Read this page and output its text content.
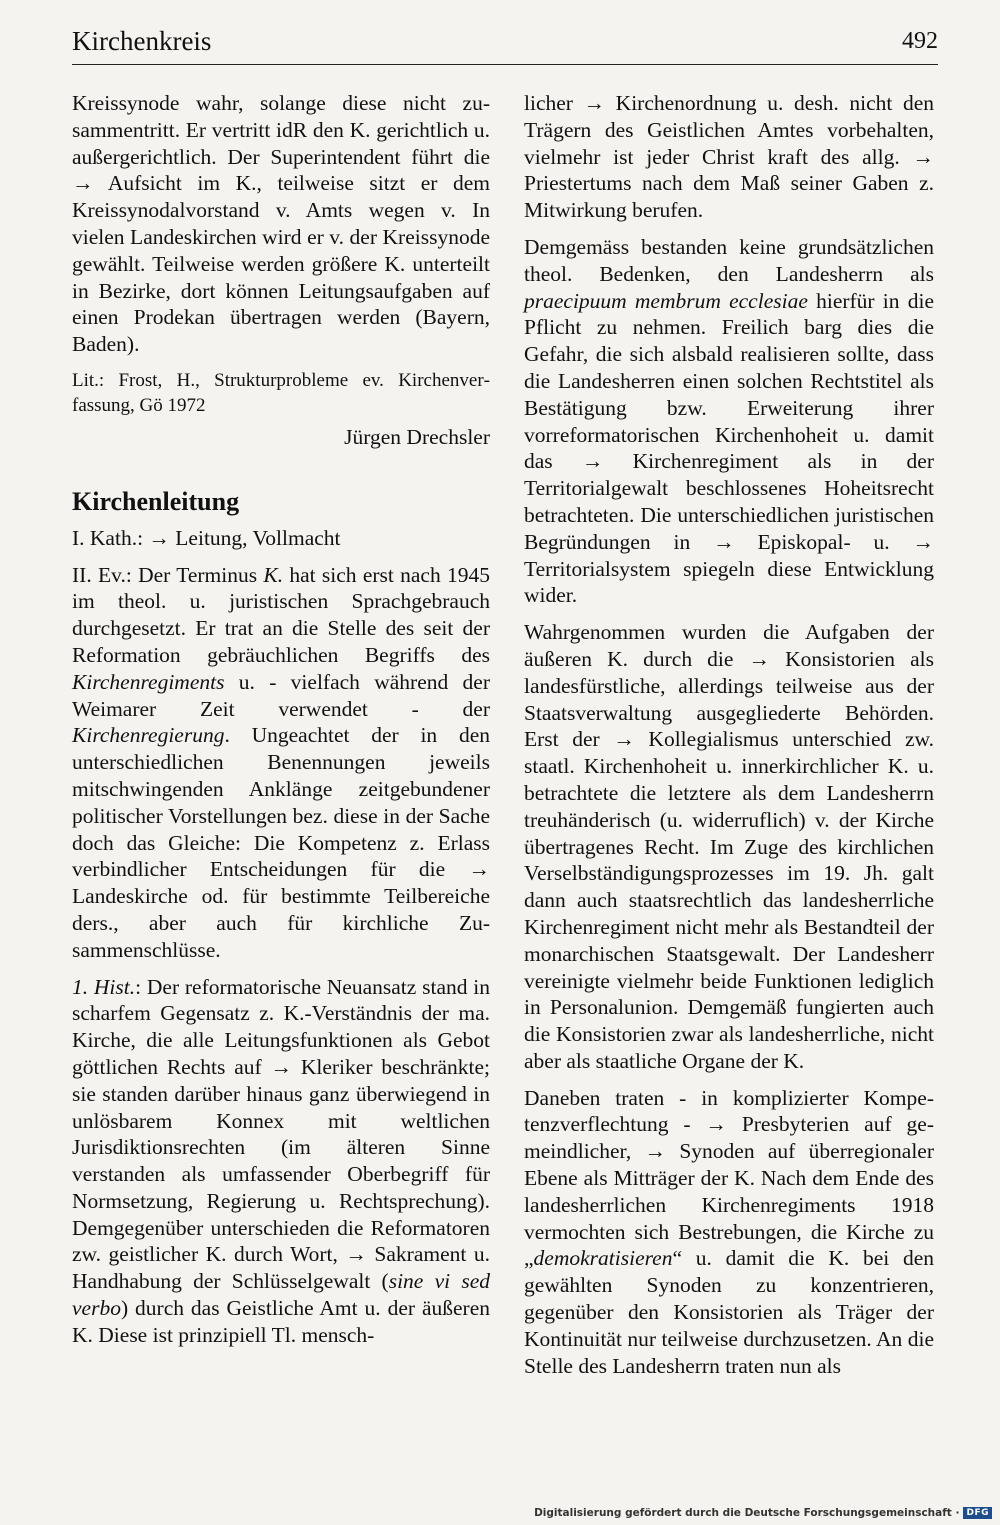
Kirchenkreis	492

Kreissynode wahr, solange diese nicht zusammentritt. Er vertritt idR den K. gerichtlich u. außergerichtlich. Der Superintendent führt die → Aufsicht im K., teilweise sitzt er dem Kreissynodalvorstand v. Amts wegen v. In vielen Landeskirchen wird er v. der Kreissynode gewählt. Teilweise werden größere K. unterteilt in Bezirke, dort können Leitungsaufgaben auf einen Prodekan übertragen werden (Bayern, Baden).

Lit.: Frost, H., Strukturprobleme ev. Kirchenverfassung, Gö 1972

Jürgen Drechsler

Kirchenleitung

I. Kath.: → Leitung, Vollmacht

II. Ev.: Der Terminus K. hat sich erst nach 1945 im theol. u. juristischen Sprachgebrauch durchgesetzt. Er trat an die Stelle des seit der Reformation gebräuchlichen Begriffs des Kirchenregiments u. - vielfach während der Weimarer Zeit verwendet - der Kirchenregierung. Ungeachtet der in den unterschiedlichen Benennungen jeweils mitschwingenden Anklänge zeitgebundener politischer Vorstellungen bez. diese in der Sache doch das Gleiche: Die Kompetenz z. Erlass verbindlicher Entscheidungen für die → Landeskirche od. für bestimmte Teilbereiche ders., aber auch für kirchliche Zusammenschlüsse.

1. Hist.: Der reformatorische Neuansatz stand in scharfem Gegensatz z. K.-Verständnis der ma. Kirche, die alle Leitungsfunktionen als Gebot göttlichen Rechts auf → Kleriker beschränkte; sie standen darüber hinaus ganz überwiegend in unlösbarem Konnex mit weltlichen Jurisdiktionsrechten (im älteren Sinne verstanden als umfassender Oberbegriff für Normsetzung, Regierung u. Rechtsprechung). Demgegenüber unterschieden die Reformatoren zw. geistlicher K. durch Wort, → Sakrament u. Handhabung der Schlüsselgewalt (sine vi sed verbo) durch das Geistliche Amt u. der äußeren K. Diese ist prinzipiell Tl. mensch-

licher → Kirchenordnung u. desh. nicht den Trägern des Geistlichen Amtes vorbehalten, vielmehr ist jeder Christ kraft des allg. → Priestertums nach dem Maß seiner Gaben z. Mitwirkung berufen.

Demgemäss bestanden keine grundsätzlichen theol. Bedenken, den Landesherrn als praecipuum membrum ecclesiae hierfür in die Pflicht zu nehmen. Freilich barg dies die Gefahr, die sich alsbald realisieren sollte, dass die Landesherren einen solchen Rechtstitel als Bestätigung bzw. Erweiterung ihrer vorreformatorischen Kirchenhoheit u. damit das → Kirchenregiment als in der Territorialgewalt beschlossenes Hoheitsrecht betrachteten. Die unterschiedlichen juristischen Begründungen in → Episkopal- u. → Territorialsystem spiegeln diese Entwicklung wider.

Wahrgenommen wurden die Aufgaben der äußeren K. durch die → Konsistorien als landesfürstliche, allerdings teilweise aus der Staatsverwaltung ausgegliederte Behörden. Erst der → Kollegialismus unterschied zw. staatl. Kirchenhoheit u. innerkirchlicher K. u. betrachtete die letztere als dem Landesherrn treuhänderisch (u. widerruflich) v. der Kirche übertragenes Recht. Im Zuge des kirchlichen Verselbständigungsprozesses im 19. Jh. galt dann auch staatsrechtlich das landesherrliche Kirchenregiment nicht mehr als Bestandteil der monarchischen Staatsgewalt. Der Landesherr vereinigte vielmehr beide Funktionen lediglich in Personalunion. Demgemäß fungierten auch die Konsistorien zwar als landesherrliche, nicht aber als staatliche Organe der K.

Daneben traten - in komplizierter Kompetenzverflechtung - → Presbyterien auf gemeindlicher, → Synoden auf überregionaler Ebene als Mitträger der K. Nach dem Ende des landesherrlichen Kirchenregiments 1918 vermochten sich Bestrebungen, die Kirche zu „demokratisieren“ u. damit die K. bei den gewählten Synoden zu konzentrieren, gegenüber den Konsistorien als Träger der Kontinuität nur teilweise durchzusetzen. An die Stelle des Landesherrn traten nun als

Digitalisierung gefördert durch die Deutsche Forschungsgemeinschaft · DFG
